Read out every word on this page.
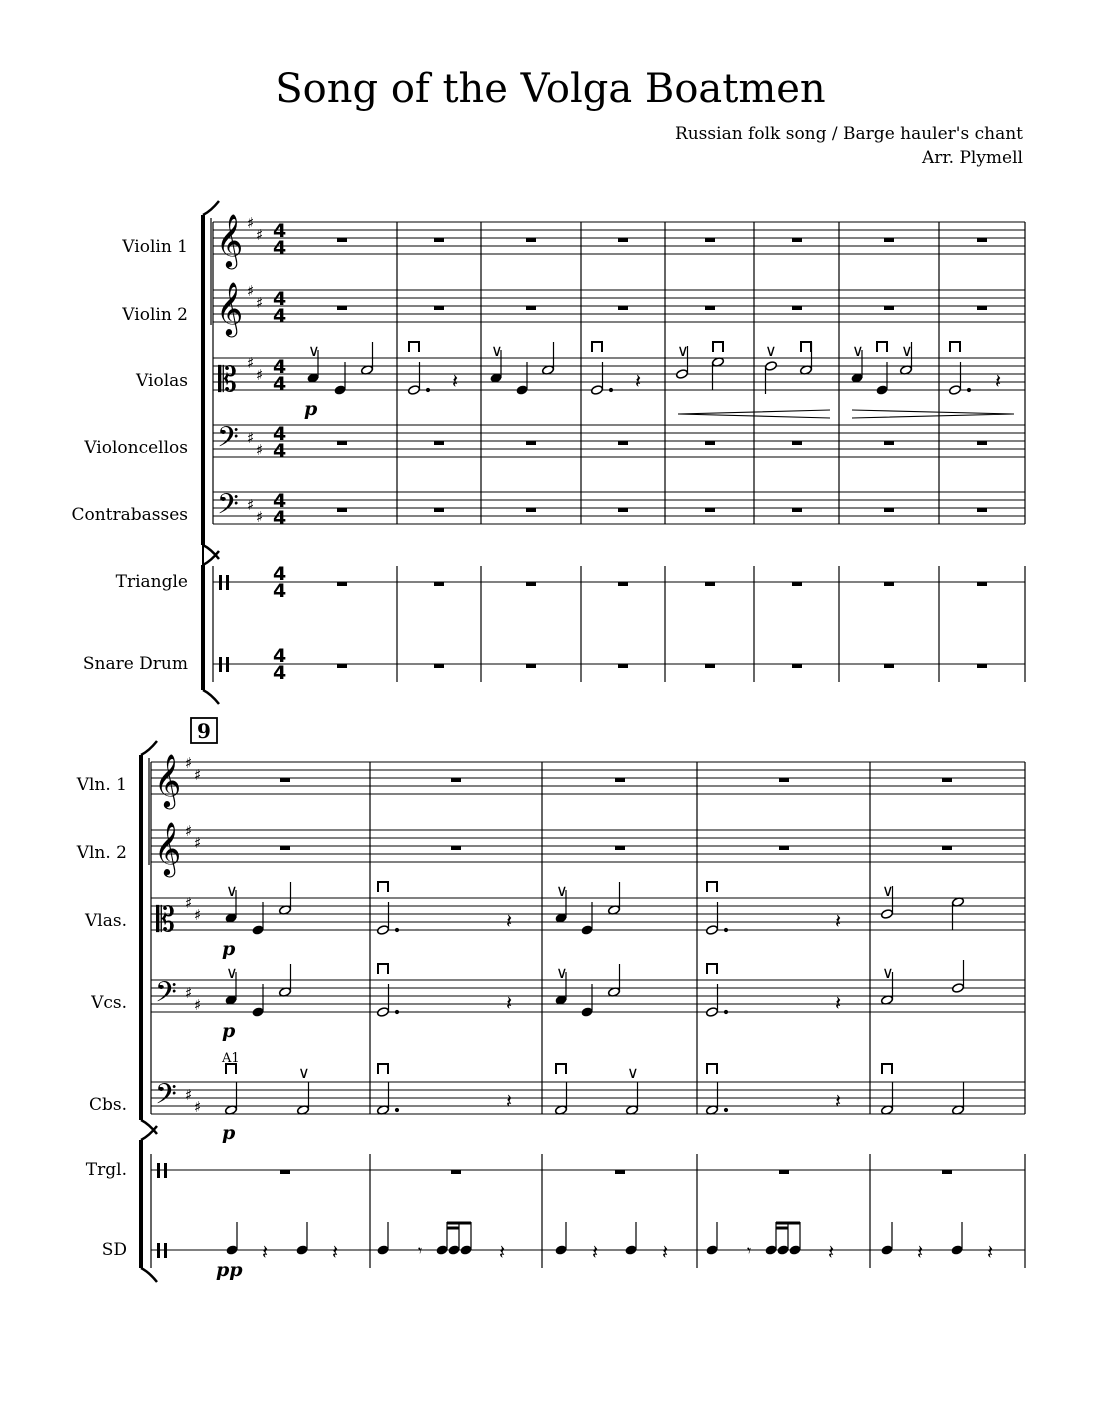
Song of the Volga Boatmen
Russian folk song / Barge hauler's chant
Arr. Plymell
Violin 1
Violin 2
Violas
Violoncellos
Contrabasses
Triangle
Snare Drum
Vln. 1
Vln. 2
Vlas.
Vcs.
Cbs.
Trgl.
SD
𝄞
𝄞
𝄡
𝄢
𝄢
♯
♯
♯
♯
♯
♯
♯
♯
♯
♯
4
4
4
4
4
4
4
4
4
4
4
4
4
4
𝄽	𝄽	𝄽
∨	∨	∨	∨	∨ ∨
p
9
𝄞
𝄞
𝄡
𝄢
𝄢
♯
♯
♯
♯
♯
♯
♯
♯
♯
♯
𝄽	𝄽
𝄽	𝄽
𝄽	𝄽
∨	∨	∨
∨	∨	∨
∨	∨
A1
p
p
p
pp
𝄽	𝄽	𝄽	𝄽	𝄽	𝄽	𝄽	𝄽
𝄾	𝄾
